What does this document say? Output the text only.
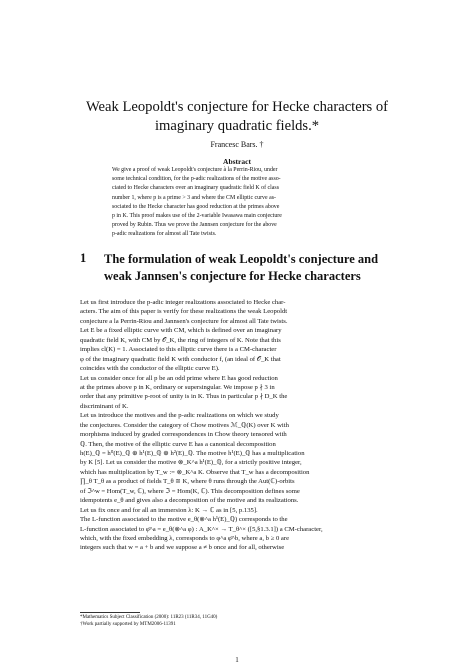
Weak Leopoldt's conjecture for Hecke characters of imaginary quadratic fields.*
Francesc Bars. †
Abstract
We give a proof of weak Leopoldt's conjecture à la Perrin-Riou, under
some technical condition, for the p-adic realizations of the motive asso-
ciated to Hecke characters over an imaginary quadratic field K of class
number 1, where p is a prime > 3 and where the CM elliptic curve as-
sociated to the Hecke character has good reduction at the primes above
p in K. This proof makes use of the 2-variable Iwasawa main conjecture
proved by Rubin. Thus we prove the Jannsen conjecture for the above
p-adic realizations for almost all Tate twists.
1 The formulation of weak Leopoldt's conjecture and weak Jannsen's conjecture for Hecke characters
Let us first introduce the p-adic integer realizations associated to Hecke char-
acters. The aim of this paper is verify for these realizations the weak Leopoldt
conjecture a la Perrin-Riou and Jannsen's conjecture for almost all Tate twists.
Let E be a fixed elliptic curve with CM, which is defined over an imaginary
quadratic field K, with CM by 𝒪_K, the ring of integers of K. Note that this
implies cl(K) = 1. Associated to this elliptic curve there is a CM-character
φ of the imaginary quadratic field K with conductor f, (an ideal of 𝒪_K that
coincides with the conductor of the elliptic curve E).
Let us consider once for all p be an odd prime where E has good reduction
at the primes above p in K, ordinary or supersingular. We impose p ∤ 3 in
order that any primitive p-root of unity is in K. Thus in particular p ∤ D_K the
discriminant of K.
Let us introduce the motives and the p-adic realizations on which we study
the conjectures. Consider the category of Chow motives ℳ_ℚ(K) over K with
morphisms induced by graded correspondences in Chow theory tensored with
ℚ. Then, the motive of the elliptic curve E has a canonical decomposition
h(E)_ℚ = h⁰(E)_ℚ ⊕ h¹(E)_ℚ ⊕ h²(E)_ℚ. The motive h¹(E)_ℚ has a multiplication
by K [5]. Let us consider the motive ⊗_K^a h¹(E)_ℚ, for a strictly positive integer,
which has multiplication by T_w := ⊗_K^a K. Observe that T_w has a decomposition
∏_θ T_θ as a product of fields T_θ ≅ K, where θ runs through the Aut(ℂ)-orbits
of ℑ^w = Hom(T_w, ℂ), where ℑ = Hom(K, ℂ). This decomposition defines some
idempotents e_θ and gives also a decomposition of the motive and its realizations.
Let us fix once and for all an immersion λ: K → ℂ as in [5, p.135].
The L-function associated to the motive e_θ(⊗^a h¹(E)_ℚ) corresponds to the
L-function associated to φ̄^a = e_θ(⊗^a φ) : A_K^× → T_θ^× ([5,§1.3.1]) a CM-character,
which, with the fixed embedding λ, corresponds to φ^a φ̄^b, where a, b ≥ 0 are
integers such that w = a + b and we suppose a ≠ b once and for all, otherwise
*Mathematics Subject Classification (2000): 11R23 (11R34, 11G40)
†Work partially supported by MTM2006-11391
1
